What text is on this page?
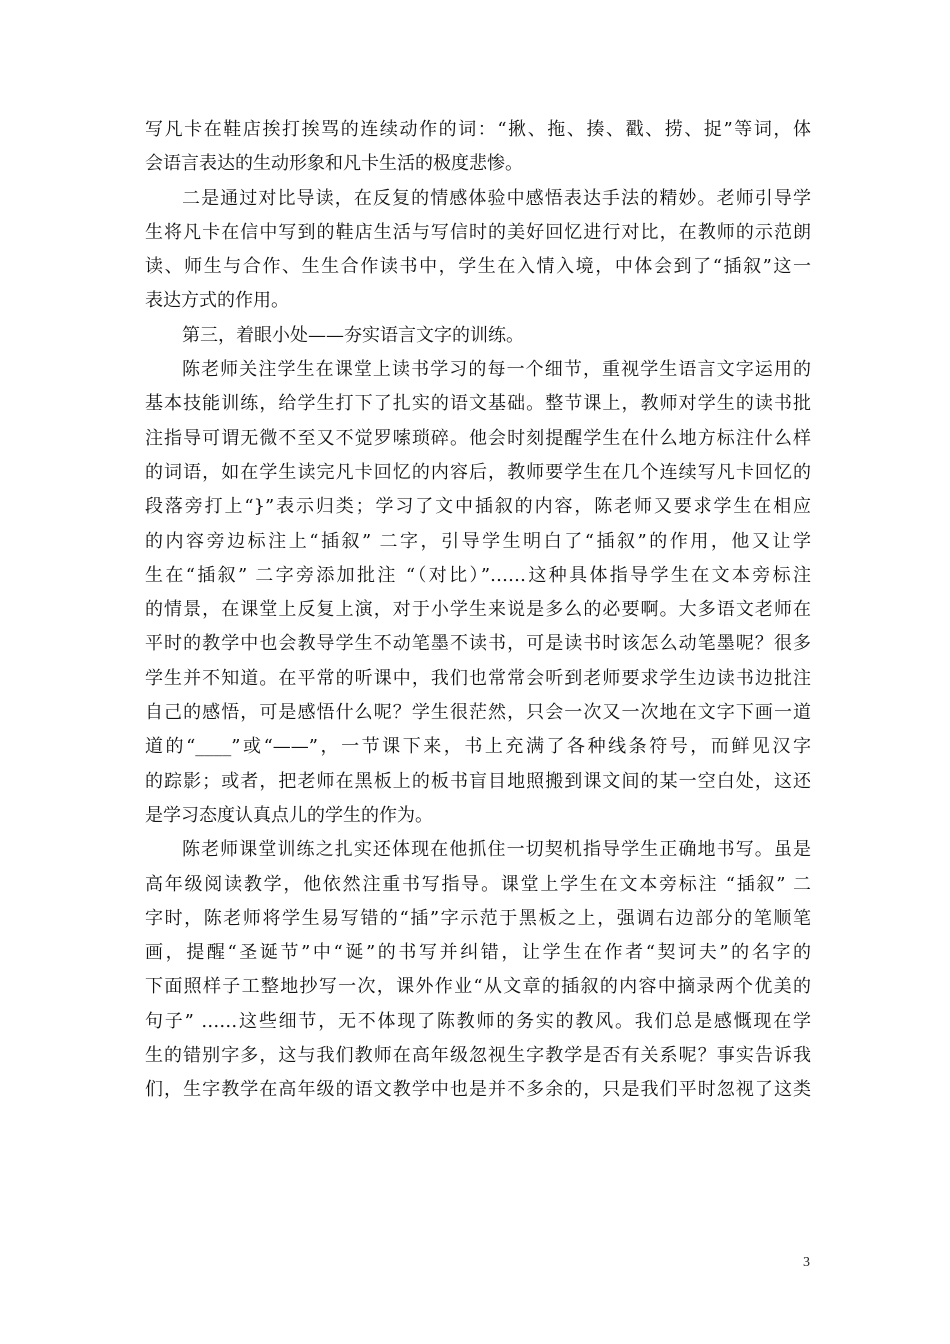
写凡卡在鞋店挨打挨骂的连续动作的词：“揪、拖、揍、戳、捞、捉”等词，体
会语言表达的生动形象和凡卡生活的极度悲惨。
二是通过对比导读，在反复的情感体验中感悟表达手法的精妙。老师引导学
生将凡卡在信中写到的鞋店生活与写信时的美好回忆进行对比，在教师的示范朗
读、师生与合作、生生合作读书中，学生在入情入境，中体会到了“插叙”这一
表达方式的作用。
第三，着眼小处——夯实语言文字的训练。
陈老师关注学生在课堂上读书学习的每一个细节，重视学生语言文字运用的
基本技能训练，给学生打下了扎实的语文基础。整节课上，教师对学生的读书批
注指导可谓无微不至又不觉罗嗦琐碎。他会时刻提醒学生在什么地方标注什么样
的词语，如在学生读完凡卡回忆的内容后，教师要学生在几个连续写凡卡回忆的
段落旁打上“}”表示归类；学习了文中插叙的内容，陈老师又要求学生在相应
的内容旁边标注上“插叙” 二字，引导学生明白了“插叙”的作用，他又让学
生在“插叙” 二字旁添加批注 “（对比）”……这种具体指导学生在文本旁标注
的情景，在课堂上反复上演，对于小学生来说是多么的必要啊。大多语文老师在
平时的教学中也会教导学生不动笔墨不读书，可是读书时该怎么动笔墨呢？很多
学生并不知道。在平常的听课中，我们也常常会听到老师要求学生边读书边批注
自己的感悟，可是感悟什么呢？学生很茫然，只会一次又一次地在文字下画一道
道的“____”或“——”，一节课下来，书上充满了各种线条符号，而鲜见汉字
的踪影；或者，把老师在黑板上的板书盲目地照搬到课文间的某一空白处，这还
是学习态度认真点儿的学生的作为。
陈老师课堂训练之扎实还体现在他抓住一切契机指导学生正确地书写。虽是
高年级阅读教学，他依然注重书写指导。课堂上学生在文本旁标注 “插叙” 二
字时，陈老师将学生易写错的“插”字示范于黑板之上，强调右边部分的笔顺笔
画，提醒“圣诞节”中“诞”的书写并纠错，让学生在作者“契诃夫”的名字的
下面照样子工整地抄写一次，课外作业“从文章的插叙的内容中摘录两个优美的
句子” ……这些细节，无不体现了陈教师的务实的教风。我们总是感慨现在学
生的错别字多，这与我们教师在高年级忽视生字教学是否有关系呢？事实告诉我
们，生字教学在高年级的语文教学中也是并不多余的，只是我们平时忽视了这类
3
